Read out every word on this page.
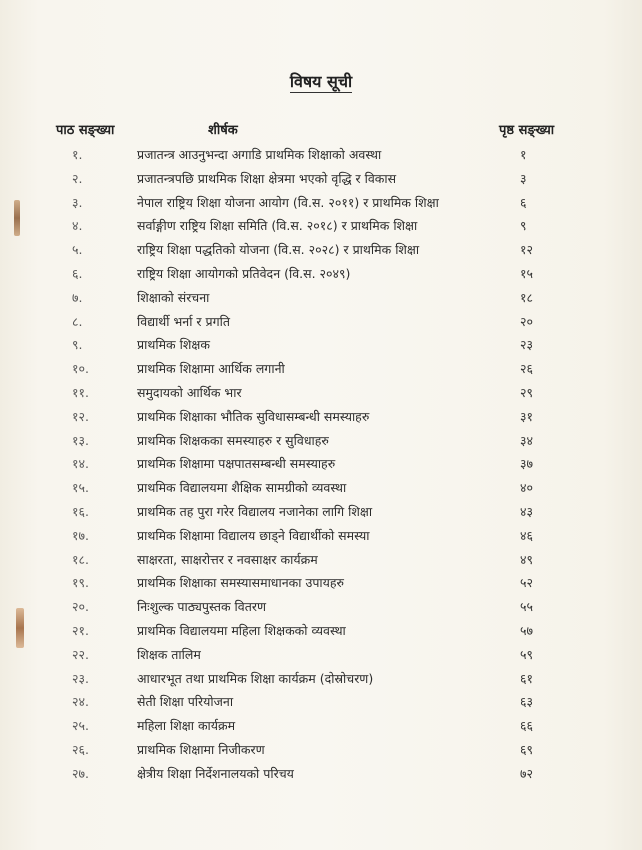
विषय सूची
पाठ सङ्ख्या	शीर्षक	पृष्ठ सङ्ख्या
१.	प्रजातन्त्र आउनुभन्दा अगाडि प्राथमिक शिक्षाको अवस्था	१
२.	प्रजातन्त्रपछि प्राथमिक शिक्षा क्षेत्रमा भएको वृद्धि र विकास	३
३.	नेपाल राष्ट्रिय शिक्षा योजना आयोग (वि.स. २०११) र प्राथमिक शिक्षा	६
४.	सर्वाङ्गीण राष्ट्रिय शिक्षा समिति (वि.स. २०१८) र प्राथमिक शिक्षा	९
५.	राष्ट्रिय शिक्षा पद्धतिको योजना (वि.स. २०२८) र प्राथमिक शिक्षा	१२
६.	राष्ट्रिय शिक्षा आयोगको प्रतिवेदन (वि.स. २०४९)	१५
७.	शिक्षाको संरचना	१८
८.	विद्यार्थी भर्ना र प्रगति	२०
९.	प्राथमिक शिक्षक	२३
१०.	प्राथमिक शिक्षामा आर्थिक लगानी	२६
११.	समुदायको आर्थिक भार	२९
१२.	प्राथमिक शिक्षाका भौतिक सुविधासम्बन्धी समस्याहरु	३१
१३.	प्राथमिक शिक्षकका समस्याहरु र सुविधाहरु	३४
१४.	प्राथमिक शिक्षामा पक्षपातसम्बन्धी समस्याहरु	३७
१५.	प्राथमिक विद्यालयमा शैक्षिक सामग्रीको व्यवस्था	४०
१६.	प्राथमिक तह पुरा गरेर विद्यालय नजानेका लागि शिक्षा	४३
१७.	प्राथमिक शिक्षामा विद्यालय छाड्ने विद्यार्थीको समस्या	४६
१८.	साक्षरता, साक्षरोत्तर र नवसाक्षर कार्यक्रम	४९
१९.	प्राथमिक शिक्षाका समस्यासमाधानका उपायहरु	५२
२०.	निःशुल्क पाठ्यपुस्तक वितरण	५५
२१.	प्राथमिक विद्यालयमा महिला शिक्षकको व्यवस्था	५७
२२.	शिक्षक तालिम	५९
२३.	आधारभूत तथा प्राथमिक शिक्षा कार्यक्रम (दोस्रोचरण)	६१
२४.	सेती शिक्षा परियोजना	६३
२५.	महिला शिक्षा कार्यक्रम	६६
२६.	प्राथमिक शिक्षामा निजीकरण	६९
२७.	क्षेत्रीय शिक्षा निर्देशनालयको परिचय	७२
